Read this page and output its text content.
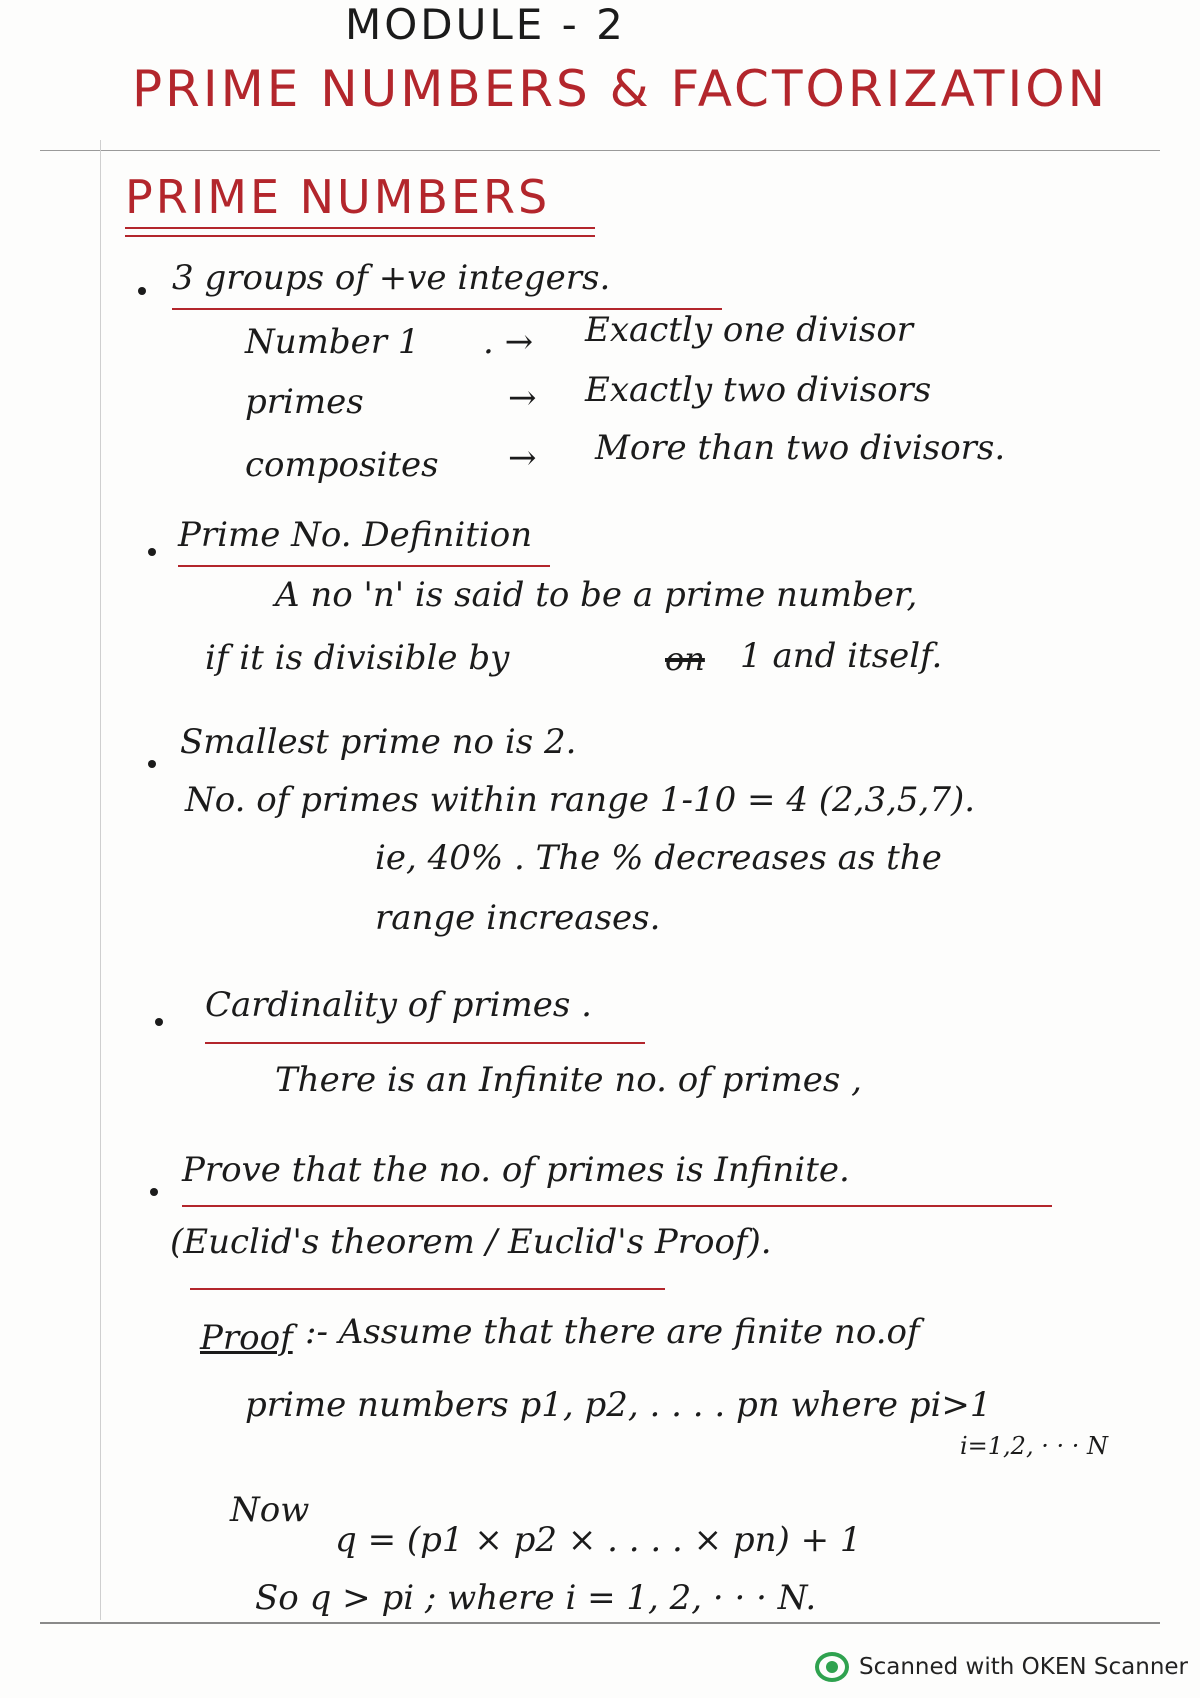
MODULE - 2
PRIME NUMBERS & FACTORIZATION
PRIME NUMBERS
3 groups of +ve integers.
Number 1 . → Exactly one divisor
primes	→ Exactly two divisors
composites → More than two divisors.
Prime No. Definition
A no 'n' is said to be a prime number,
if it is divisible by	on 1 and itself.
Smallest prime no is 2.
No. of primes within range 1-10 = 4 (2,3,5,7).
ie, 40% . The % decreases as the
range increases.
Cardinality of primes .
There is an Infinite no. of primes ,
Prove that the no. of primes is Infinite.
(Euclid's theorem / Euclid's Proof).
Proof :- Assume that there are finite no.of
prime numbers p1, p2, . . . . pn where pi>1
i=1,2, · · · N
Now
q = (p1 × p2 × . . . . × pn) + 1
So q > pi ; where i = 1, 2, · · · N.
Scanned with OKEN Scanner
